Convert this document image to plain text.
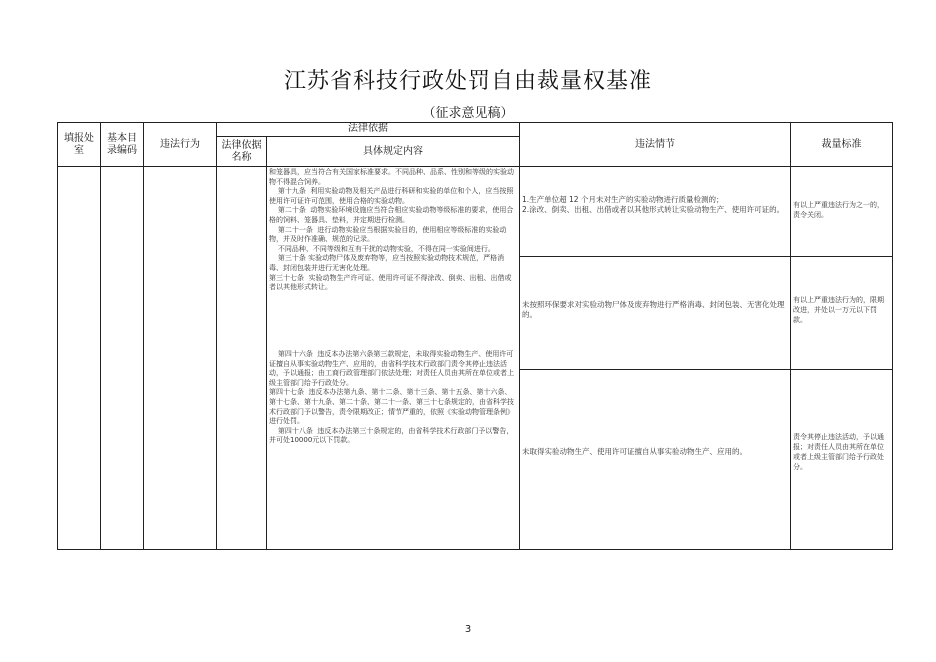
江苏省科技行政处罚自由裁量权基准
（征求意见稿）
填报处室
基本目录编码
违法行为
法律依据
法律依据名称
具体规定内容
违法情节	裁量标准
和笼器具，应当符合有关国家标准要求。不同品种、品系、性别和等级的实验动物不得混合饲养。
第十九条  利用实验动物及相关产品进行科研和实验的单位和个人，应当按照使用许可证许可范围，使用合格的实验动物。
第二十条  动物实验环境设施应当符合相应实验动物等级标准的要求，使用合格的饲料、笼器具、垫料，并定期进行检测。
第二十一条  进行动物实验应当根据实验目的，使用相应等级标准的实验动物，并及时作准确、规范的记录。
不同品种、不同等级和互有干扰的动物实验，不得在同一实验间进行。
第三十条 实验动物尸体及废弃物等，应当按照实验动物技术规范，严格消毒、封闭包装并进行无害化处理。
第三十七条  实验动物生产许可证、使用许可证不得涂改、倒卖、出租、出借或者以其他形式转让。
第四十六条  违反本办法第六条第三款规定，未取得实验动物生产、使用许可证擅自从事实验动物生产、应用的，由省科学技术行政部门责令其停止违法活动，予以通报；由工商行政管理部门依法处理；对责任人员由其所在单位或者上级主管部门给予行政处分。
第四十七条  违反本办法第九条、第十二条、第十三条、第十五条、第十六条、第十七条、第十九条、第二十条、第二十一条、第三十七条规定的，由省科学技术行政部门予以警告，责令限期改正；情节严重的，依照《实验动物管理条例》进行处罚。
第四十八条  违反本办法第三十条规定的，由省科学技术行政部门予以警告，并可处10000元以下罚款。
1.生产单位超 12 个月未对生产的实验动物进行质量检测的；
2.涂改、倒卖、出租、出借或者以其他形式转让实验动物生产、使用许可证的。 有以上严重违法行为之一的，责令关闭。
未按照环保要求对实验动物尸体及废弃物进行严格消毒、封闭包装、无害化处理的。
有以上严重违法行为的，限期改进，并处以一万元以下罚款。
未取得实验动物生产、使用许可证擅自从事实验动物生产、应用的。
责令其停止违法活动，予以通报；对责任人员由其所在单位或者上级主管部门给予行政处分。
3
